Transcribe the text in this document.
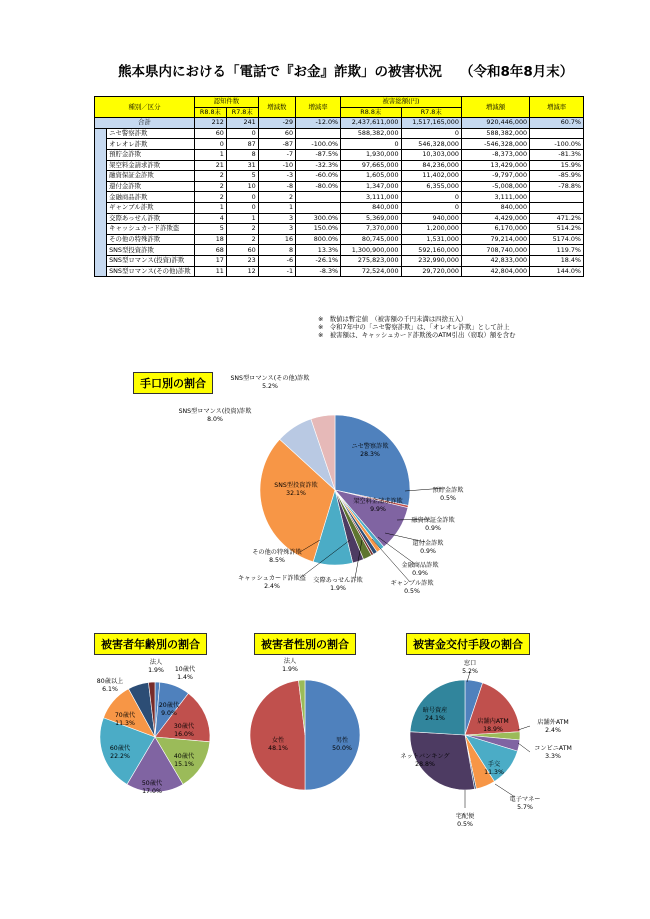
熊本県内における「電話で『お金』詐欺」の被害状況 （令和8年8月末）
種別／区分		認知件数		増減数	増減率	被害総額(円)		増減額	増減率
		R8.8末	R7.8末			R8.8末	R7.8末		
合計		212	241	-29	-12.0%	2,437,611,000	1,517,165,000	920,446,000	60.7%
	ニセ警察詐欺	60	0	60		588,382,000	0	588,382,000	
	オレオレ詐欺	0	87	-87	-100.0%	0	546,328,000	-546,328,000	-100.0%
	預貯金詐欺	1	8	-7	-87.5%	1,930,000	10,303,000	-8,373,000	-81.3%
	架空料金請求詐欺	21	31	-10	-32.3%	97,665,000	84,236,000	13,429,000	15.9%
	融資保証金詐欺	2	5	-3	-60.0%	1,605,000	11,402,000	-9,797,000	-85.9%
	還付金詐欺	2	10	-8	-80.0%	1,347,000	6,355,000	-5,008,000	-78.8%
	金融商品詐欺	2	0	2		3,111,000	0	3,111,000	
	ギャンブル詐欺	1	0	1		840,000	0	840,000	
	交際あっせん詐欺	4	1	3	300.0%	5,369,000	940,000	4,429,000	471.2%
	キャッシュカード詐欺盗	5	2	3	150.0%	7,370,000	1,200,000	6,170,000	514.2%
	その他の特殊詐欺	18	2	16	800.0%	80,745,000	1,531,000	79,214,000	5174.0%
	SNS型投資詐欺	68	60	8	13.3%	1,300,900,000	592,160,000	708,740,000	119.7%
	SNS型ロマンス(投資)詐欺	17	23	-6	-26.1%	275,823,000	232,990,000	42,833,000	18.4%
	SNS型ロマンス(その他)詐欺	11	12	-1	-8.3%	72,524,000	29,720,000	42,804,000	144.0%
※　数値は暫定値　（被害額の千円未満は四捨五入）
※　令和7年中の「ニセ警察詐欺」は、「オレオレ詐欺」として計上
※　被害額は、キャッシュカード詐欺後のATM引出（窃取）額を含む
手口別の割合
被害者年齢別の割合	被害者性別の割合	被害金交付手段の割合
ニセ警察詐欺
28.3%
預貯金詐欺
0.5%
架空料金請求詐欺
9.9%
融資保証金詐欺
0.9%
還付金詐欺
0.9%
金融商品詐欺
0.9%
ギャンブル詐欺
0.5%
交際あっせん詐欺
1.9%
キャッシュカード詐欺盗
2.4%
その他の特殊詐欺
8.5%
SNS型投資詐欺
32.1%
SNS型ロマンス(投資)詐欺
8.0%
SNS型ロマンス(その他)詐欺
5.2%
10歳代
1.4%
20歳代
9.0%
30歳代
16.0%
40歳代
15.1%
50歳代
17.0%
60歳代
22.2%
70歳代
11.3%
80歳以上
6.1%
法人
1.9%
男性
50.0%
女性
48.1%
法人
1.9%
窓口
5.2%
店舗内ATM
18.9%
店舗外ATM
2.4%
コンビニATM
3.3%
手交
11.3%
電子マネー
5.7%
宅配便
0.5%
ネットバンキング
28.8%
暗号資産
24.1%
